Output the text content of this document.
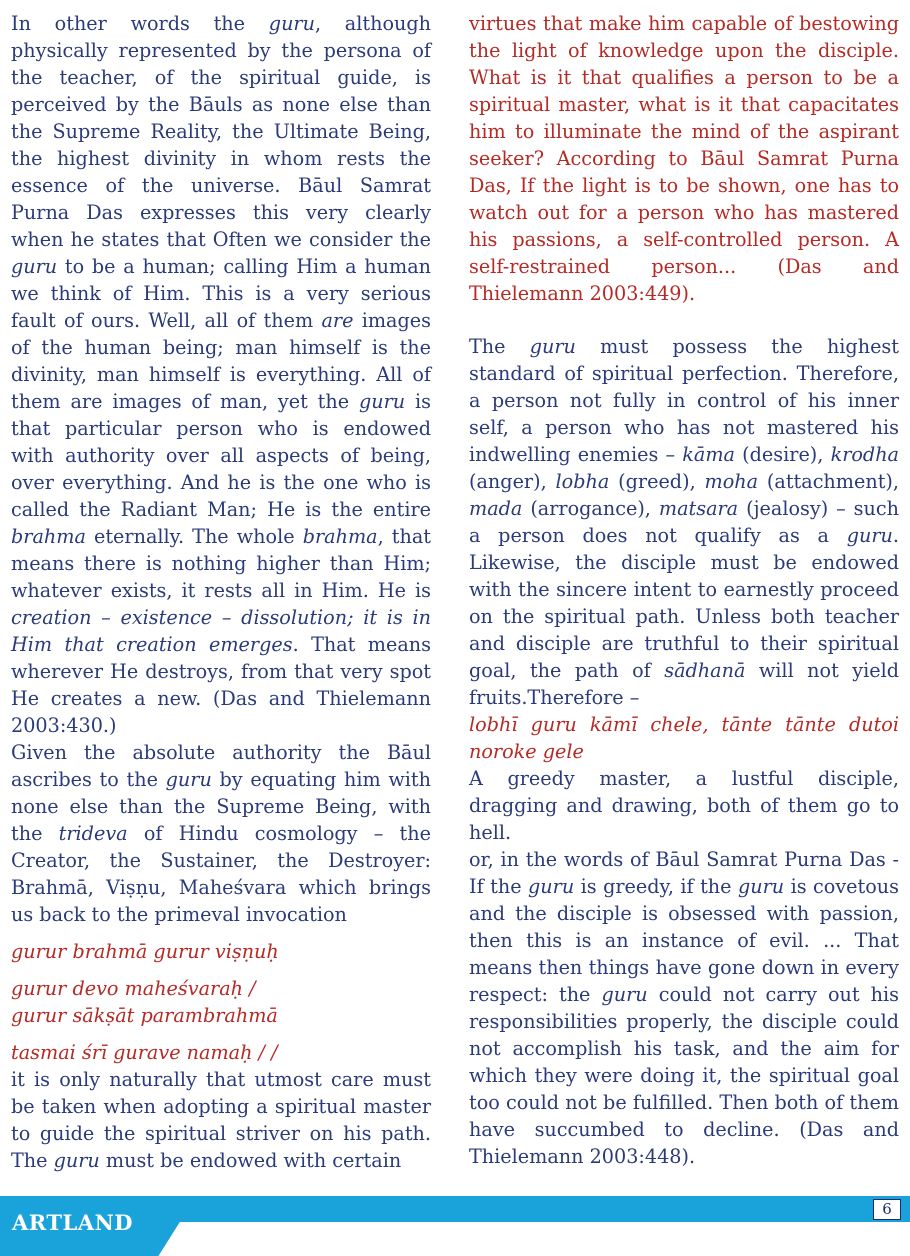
In other words the guru, although physically represented by the persona of the teacher, of the spiritual guide, is perceived by the Bāuls as none else than the Supreme Reality, the Ultimate Being, the highest divinity in whom rests the essence of the universe. Bāul Samrat Purna Das expresses this very clearly when he states that Often we consider the guru to be a human; calling Him a human we think of Him. This is a very serious fault of ours. Well, all of them are images of the human being; man himself is the divinity, man himself is everything. All of them are images of man, yet the guru is that particular person who is endowed with authority over all aspects of being, over everything. And he is the one who is called the Radiant Man; He is the entire brahma eternally. The whole brahma, that means there is nothing higher than Him; whatever exists, it rests all in Him. He is creation – existence – dissolution; it is in Him that creation emerges. That means wherever He destroys, from that very spot He creates a new. (Das and Thielemann 2003:430.)

Given the absolute authority the Bāul ascribes to the guru by equating him with none else than the Supreme Being, with the trideva of Hindu cosmology – the Creator, the Sustainer, the Destroyer: Brahmā, Viṣṇu, Maheśvara which brings us back to the primeval invocation

gurur brahmā gurur viṣṇuḥ

gurur devo maheśvaraḥ /

gurur sākṣāt parambrahmā

tasmai śrī gurave namaḥ / /

it is only naturally that utmost care must be taken when adopting a spiritual master to guide the spiritual striver on his path. The guru must be endowed with certain

virtues that make him capable of bestowing the light of knowledge upon the disciple. What is it that qualifies a person to be a spiritual master, what is it that capacitates him to illuminate the mind of the aspirant seeker? According to Bāul Samrat Purna Das, If the light is to be shown, one has to watch out for a person who has mastered his passions, a self-controlled person. A self-restrained person... (Das and Thielemann 2003:449).

The guru must possess the highest standard of spiritual perfection. Therefore, a person not fully in control of his inner self, a person who has not mastered his indwelling enemies – kāma (desire), krodha (anger), lobha (greed), moha (attachment), mada (arrogance), matsara (jealosy) – such a person does not qualify as a guru. Likewise, the disciple must be endowed with the sincere intent to earnestly proceed on the spiritual path. Unless both teacher and disciple are truthful to their spiritual goal, the path of sādhanā will not yield fruits.Therefore –

lobhī guru kāmī chele, tānte tānte dutoi noroke gele

A greedy master, a lustful disciple, dragging and drawing, both of them go to hell.

or, in the words of Bāul Samrat Purna Das - If the guru is greedy, if the guru is covetous and the disciple is obsessed with passion, then this is an instance of evil. ... That means then things have gone down in every respect: the guru could not carry out his responsibilities properly, the disciple could not accomplish his task, and the aim for which they were doing it, the spiritual goal too could not be fulfilled. Then both of them have succumbed to decline. (Das and Thielemann 2003:448).

ARTLAND
6
